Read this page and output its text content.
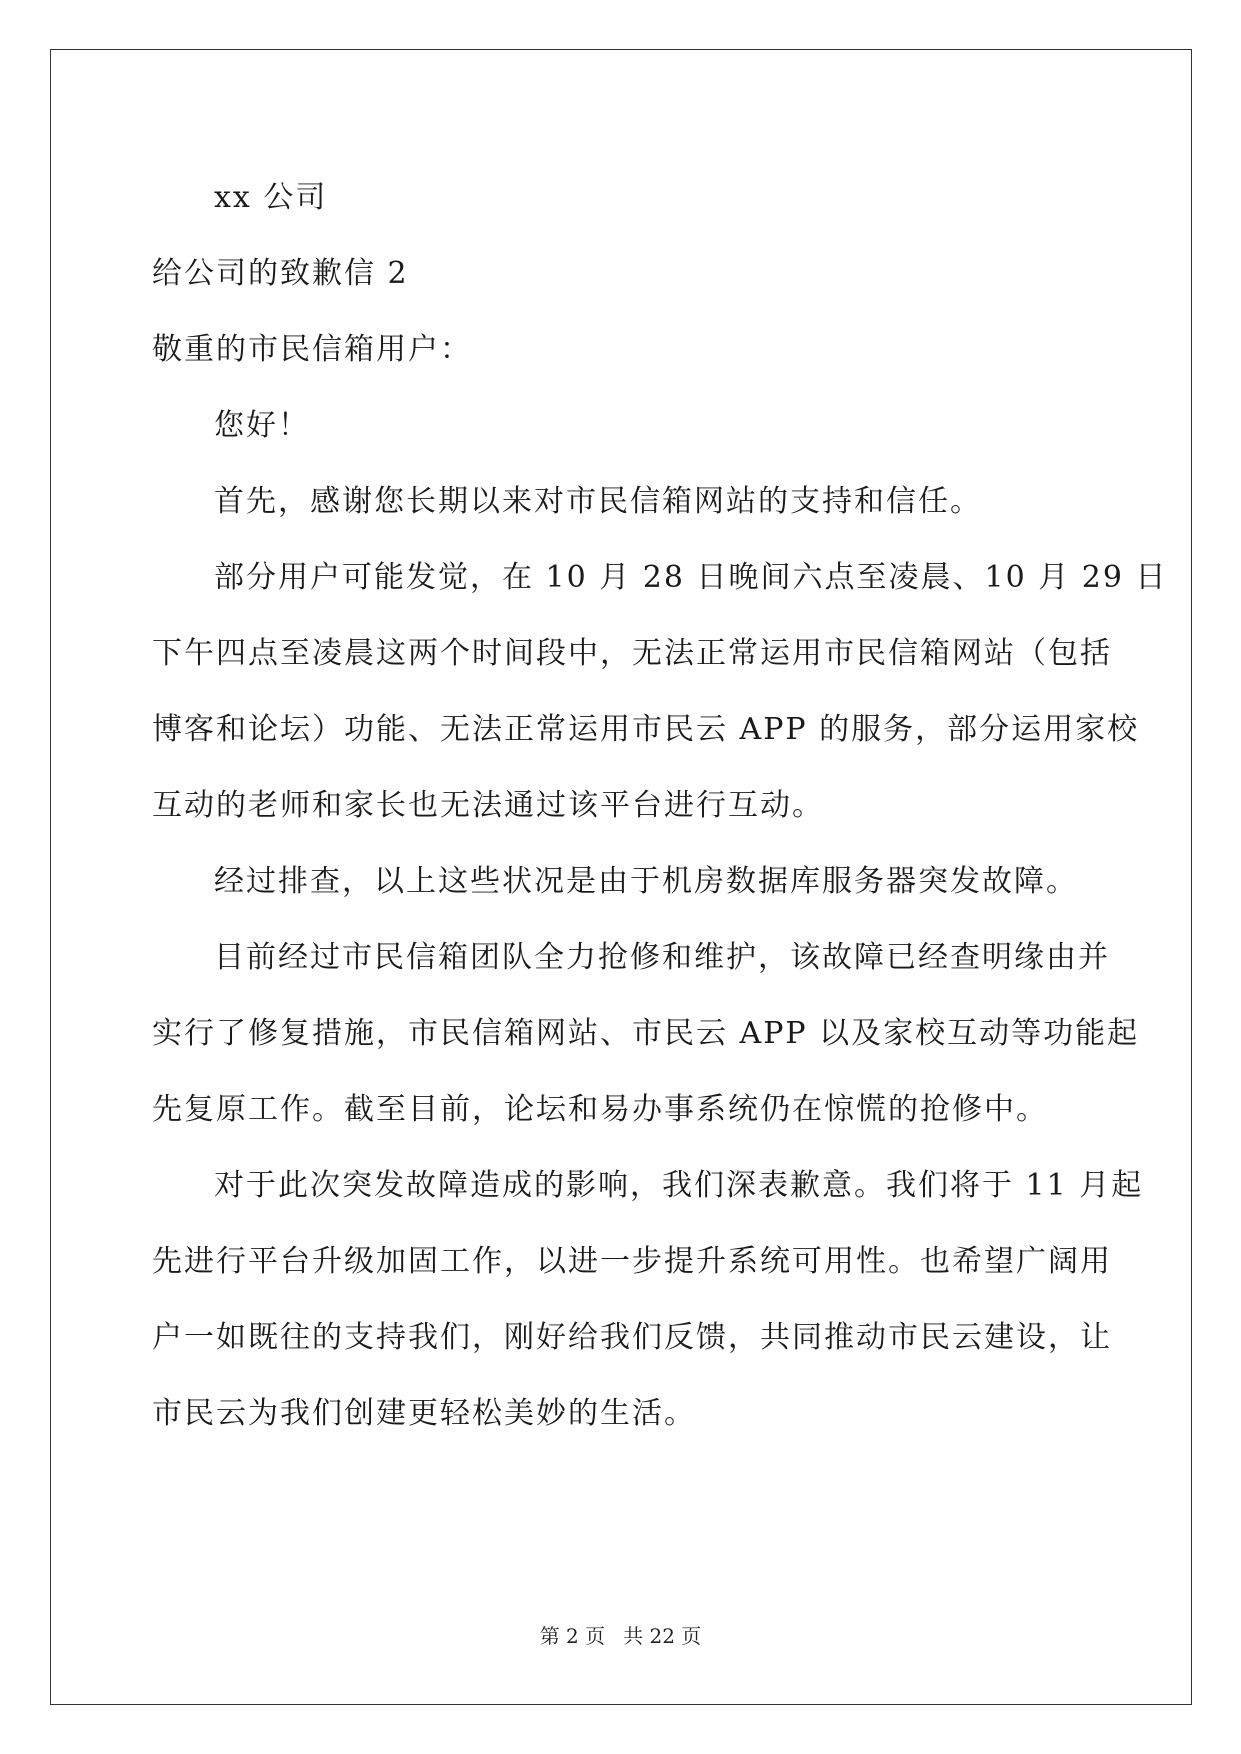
xx 公司

给公司的致歉信 2

敬重的市民信箱用户：

您好！

首先，感谢您长期以来对市民信箱网站的支持和信任。

部分用户可能发觉，在 10 月 28 日晚间六点至凌晨、10 月 29 日

下午四点至凌晨这两个时间段中，无法正常运用市民信箱网站（包括

博客和论坛）功能、无法正常运用市民云 APP 的服务，部分运用家校

互动的老师和家长也无法通过该平台进行互动。

经过排查，以上这些状况是由于机房数据库服务器突发故障。

目前经过市民信箱团队全力抢修和维护，该故障已经查明缘由并

实行了修复措施，市民信箱网站、市民云 APP 以及家校互动等功能起

先复原工作。截至目前，论坛和易办事系统仍在惊慌的抢修中。

对于此次突发故障造成的影响，我们深表歉意。我们将于 11 月起

先进行平台升级加固工作，以进一步提升系统可用性。也希望广阔用

户一如既往的支持我们，刚好给我们反馈，共同推动市民云建设，让

市民云为我们创建更轻松美妙的生活。

第 2 页 共 22 页
